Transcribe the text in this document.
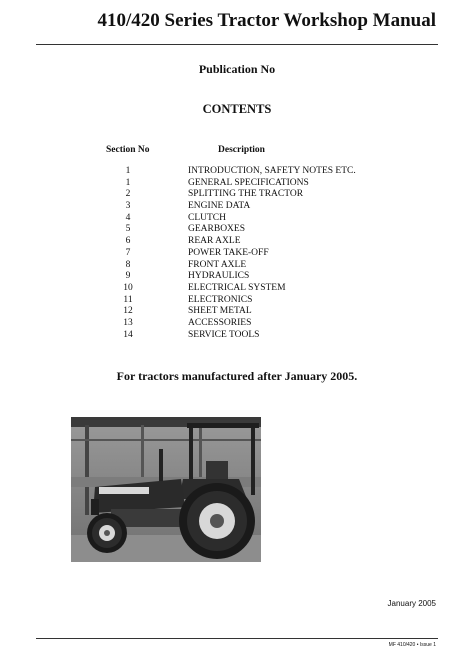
410/420 Series Tractor Workshop Manual
Publication No
CONTENTS
Section No	Description
1	INTRODUCTION, SAFETY NOTES ETC.
1	GENERAL SPECIFICATIONS
2	SPLITTING THE TRACTOR
3	ENGINE DATA
4	CLUTCH
5	GEARBOXES
6	REAR AXLE
7	POWER TAKE-OFF
8	FRONT AXLE
9	HYDRAULICS
10	ELECTRICAL SYSTEM
11	ELECTRONICS
12	SHEET METAL
13	ACCESSORIES
14	SERVICE TOOLS
For tractors manufactured after January 2005.
January 2005
MF 410/420 • Issue 1
